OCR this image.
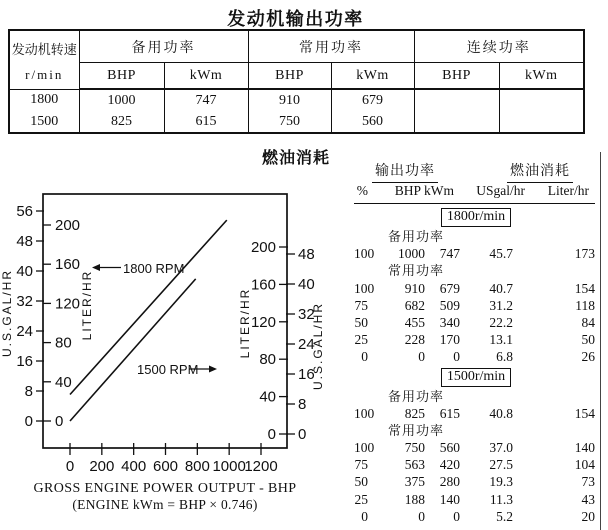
发动机输出功率
发动机转速
r/min	备用功率		常用功率		连续功率	
	BHP	kWm	BHP	kWm	BHP	kWm
1800	1000	747	910	679		
1500	825	615	750	560		
燃油消耗
0 200 400 600 800 1000
1200
56
48
40
32
24
16
8
0
200
160
120
80
40
0
200
160
120
80
40
0
48
40
32
24
16
8
0
U.S.GAL/HR	LITER/HR	LITER/HR	U.S.GAL/HR
1800 RPM
1500 RPM
GROSS ENGINE POWER OUTPUT - BHP
(ENGINE kWm = BHP × 0.746)
输出功率	燃油消耗
%	BHP kWm	USgal/hr	Liter/hr
1800r/min
备用功率
100	1000	747	45.7	173
常用功率
100	910	679	40.7	154
75	682	509	31.2	118
50	455	340	22.2	84
25	228	170	13.1	50
0	0	0	6.8	26
1500r/min
备用功率
100	825	615	40.8	154
常用功率
100	750	560	37.0	140
75	563	420	27.5	104
50	375	280	19.3	73
25	188	140	11.3	43
0	0	0	5.2	20
